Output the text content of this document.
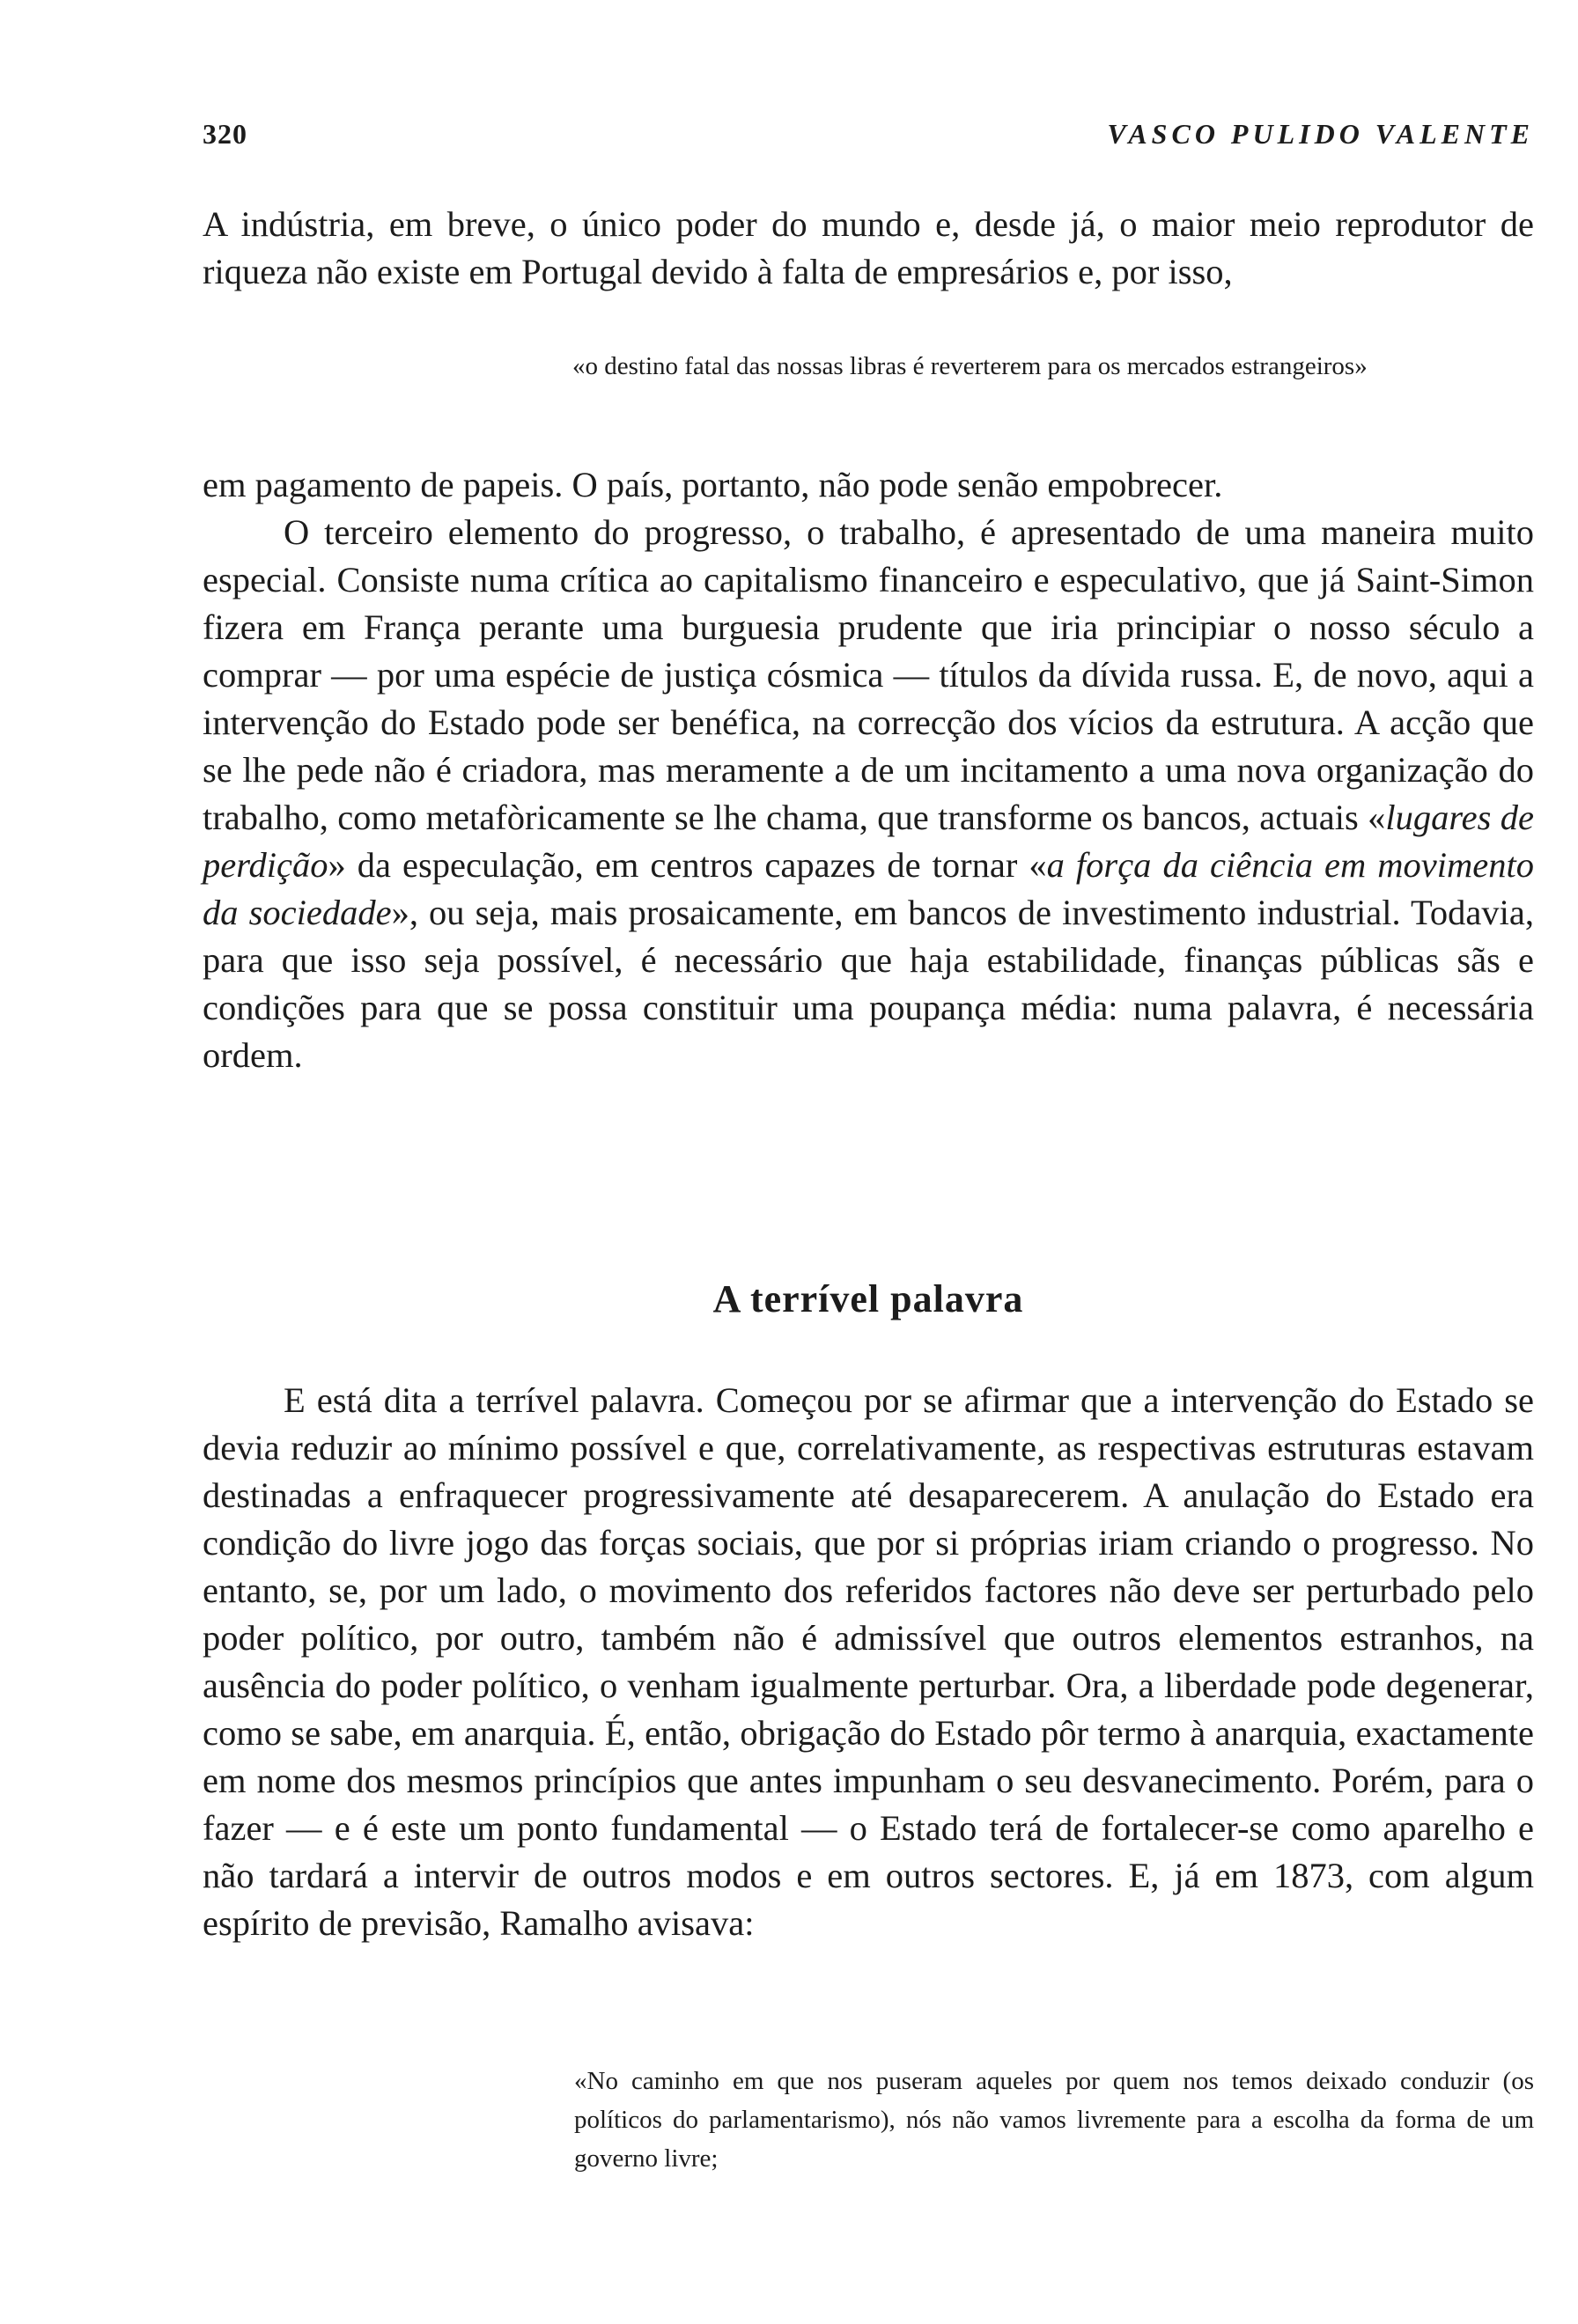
320	VASCO PULIDO VALENTE

A indústria, em breve, o único poder do mundo e, desde já, o maior meio reprodutor de riqueza não existe em Portugal devido à falta de empresários e, por isso,

«o destino fatal das nossas libras é reverterem para os mercados estrangeiros»

em pagamento de papeis. O país, portanto, não pode senão empobrecer.

O terceiro elemento do progresso, o trabalho, é apresentado de uma maneira muito especial. Consiste numa crítica ao capitalismo financeiro e especulativo, que já Saint-Simon fizera em França perante uma burguesia prudente que iria principiar o nosso século a comprar — por uma espécie de justiça cósmica — títulos da dívida russa. E, de novo, aqui a intervenção do Estado pode ser benéfica, na correcção dos vícios da estrutura. A acção que se lhe pede não é criadora, mas meramente a de um incitamento a uma nova organização do trabalho, como metafòricamente se lhe chama, que transforme os bancos, actuais «lugares de perdição» da especulação, em centros capazes de tornar «a força da ciência em movimento da sociedade», ou seja, mais prosaicamente, em bancos de investimento industrial. Todavia, para que isso seja possível, é necessário que haja estabilidade, finanças públicas sãs e condições para que se possa constituir uma poupança média: numa palavra, é necessária ordem.

A terrível palavra

E está dita a terrível palavra. Começou por se afirmar que a intervenção do Estado se devia reduzir ao mínimo possível e que, correlativamente, as respectivas estruturas estavam destinadas a enfraquecer progressivamente até desaparecerem. A anulação do Estado era condição do livre jogo das forças sociais, que por si próprias iriam criando o progresso. No entanto, se, por um lado, o movimento dos referidos factores não deve ser perturbado pelo poder político, por outro, também não é admissível que outros elementos estranhos, na ausência do poder político, o venham igualmente perturbar. Ora, a liberdade pode degenerar, como se sabe, em anarquia. É, então, obrigação do Estado pôr termo à anarquia, exactamente em nome dos mesmos princípios que antes impunham o seu desvanecimento. Porém, para o fazer — e é este um ponto fundamental — o Estado terá de fortalecer-se como aparelho e não tardará a intervir de outros modos e em outros sectores. E, já em 1873, com algum espírito de previsão, Ramalho avisava:

«No caminho em que nos puseram aqueles por quem nos temos deixado conduzir (os políticos do parlamentarismo), nós não vamos livremente para a escolha da forma de um governo livre;
